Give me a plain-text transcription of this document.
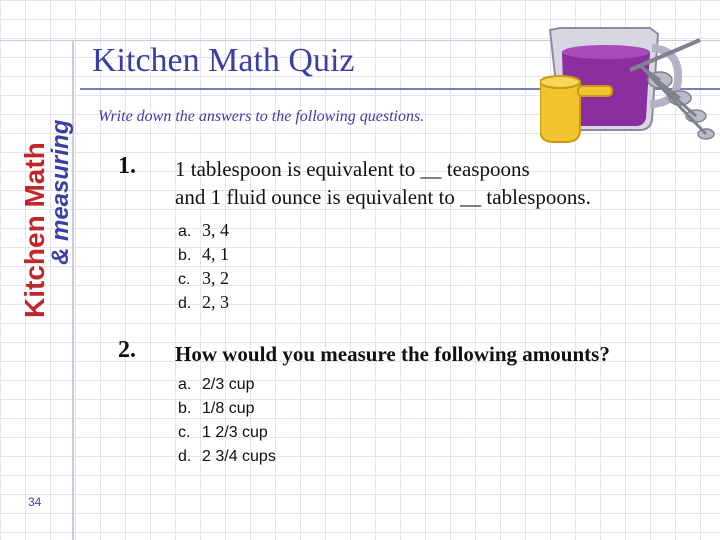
Kitchen Math
& measuring
Kitchen Math Quiz
Write down the answers to the following questions.
1. 1 tablespoon is equivalent to __ teaspoons
and 1 fluid ounce is equivalent to __ tablespoons.
a. 3, 4
b. 4, 1
c. 3, 2
d. 2, 3
2. How would you measure the following amounts?
a. 2/3 cup
b. 1/8 cup
c. 1 2/3 cup
d. 2 3/4 cups
34
